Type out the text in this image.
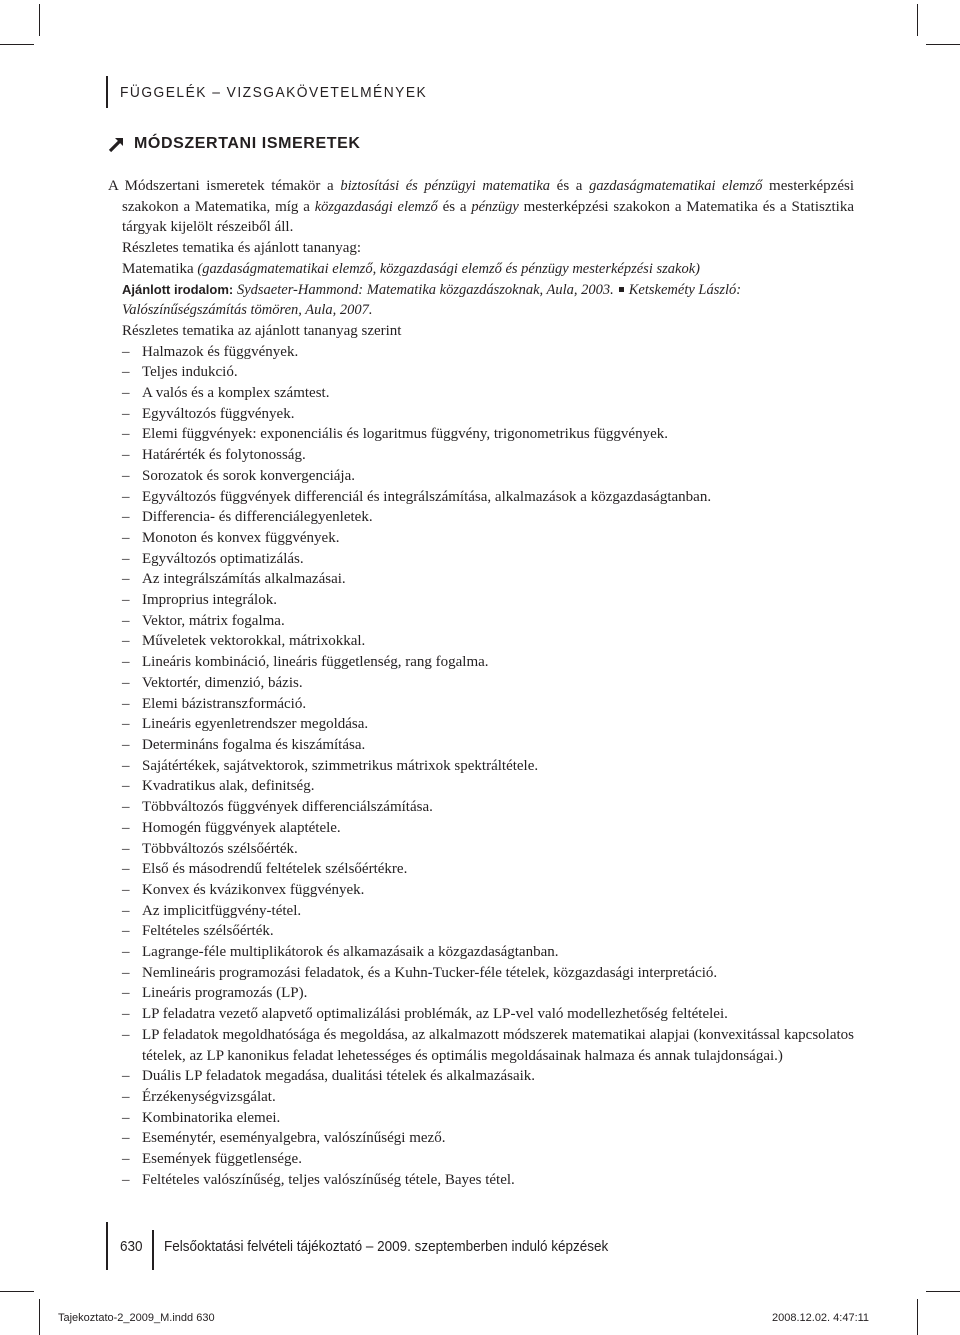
FÜGGELÉK – VIZSGAKÖVETELMÉNYEK
MÓDSZERTANI ISMERETEK

A Módszertani ismeretek témakör a biztosítási és pénzügyi matematika és a gazdaságmatematikai elemző mesterképzési szakokon a Matematika, míg a közgazdasági elemző és a pénzügy mesterképzési szakokon a Matematika és a Statisztika tárgyak kijelölt részeiből áll.

Részletes tematika és ajánlott tananyag:

Matematika (gazdaságmatematikai elemző, közgazdasági elemző és pénzügy mesterképzési szakok)

Ajánlott irodalom: Sydsaeter-Hammond: Matematika közgazdászoknak, Aula, 2003. Ketskeméty László: Valószínűségszámítás tömören, Aula, 2007.

Részletes tematika az ajánlott tananyag szerint

– Halmazok és függvények.
– Teljes indukció.
– A valós és a komplex számtest.
– Egyváltozós függvények.
– Elemi függvények: exponenciális és logaritmus függvény, trigonometrikus függvények.
– Határérték és folytonosság.
– Sorozatok és sorok konvergenciája.
– Egyváltozós függvények differenciál és integrálszámítása, alkalmazások a közgazdaságtanban.
– Differencia- és differenciálegyenletek.
– Monoton és konvex függvények.
– Egyváltozós optimatizálás.
– Az integrálszámítás alkalmazásai.
– Improprius integrálok.
– Vektor, mátrix fogalma.
– Műveletek vektorokkal, mátrixokkal.
– Lineáris kombináció, lineáris függetlenség, rang fogalma.
– Vektortér, dimenzió, bázis.
– Elemi bázistranszformáció.
– Lineáris egyenletrendszer megoldása.
– Determináns fogalma és kiszámítása.
– Sajátértékek, sajátvektorok, szimmetrikus mátrixok spektráltétele.
– Kvadratikus alak, definitség.
– Többváltozós függvények differenciálszámítása.
– Homogén függvények alaptétele.
– Többváltozós szélsőérték.
– Első és másodrendű feltételek szélsőértékre.
– Konvex és kvázikonvex függvények.
– Az implicitfüggvény-tétel.
– Feltételes szélsőérték.
– Lagrange-féle multiplikátorok és alkamazásaik a közgazdaságtanban.
– Nemlineáris programozási feladatok, és a Kuhn-Tucker-féle tételek, közgazdasági interpretáció.
– Lineáris programozás (LP).
– LP feladatra vezető alapvető optimalizálási problémák, az LP-vel való modellezhetőség feltételei.
– LP feladatok megoldhatósága és megoldása, az alkalmazott módszerek matematikai alapjai (konvexitással kapcsolatos tételek, az LP kanonikus feladat lehetességes és optimális megoldásainak halmaza és annak tulajdonságai.)
– Duális LP feladatok megadása, dualitási tételek és alkalmazásaik.
– Érzékenységvizsgálat.
– Kombinatorika elemei.
– Eseménytér, eseményalgebra, valószínűségi mező.
– Események függetlensége.
– Feltételes valószínűség, teljes valószínűség tétele, Bayes tétel.
630 Felsőoktatási felvételi tájékoztató – 2009. szeptemberben induló képzések
Tajekoztato-2_2009_M.indd 630	2008.12.02. 4:47:11
